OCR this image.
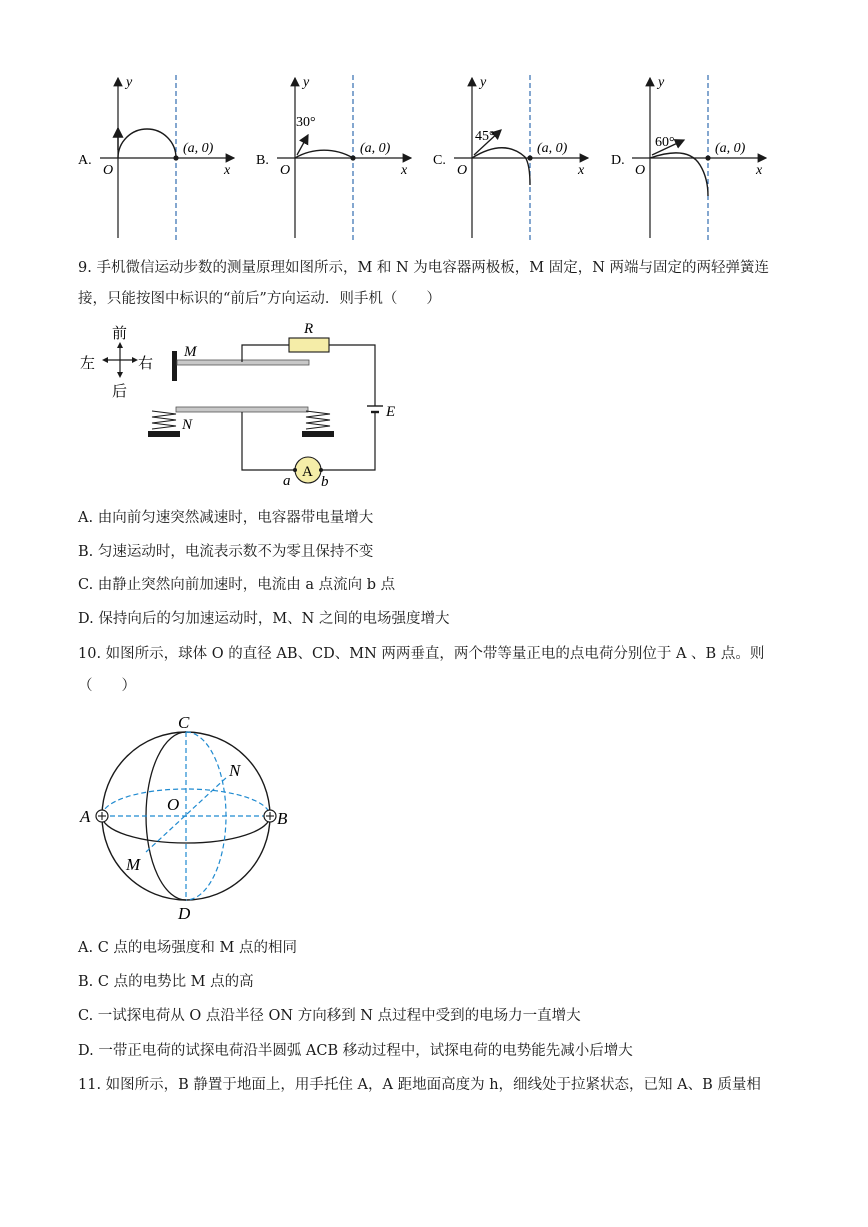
A.
(a, 0)
O	x
y
B.
30°
(a, 0)
O	x
y
C.
45°
(a, 0)
O	x
y
D.
60°	(a, 0)
O	x
y
9. 手机微信运动步数的测量原理如图所示，M 和 N 为电容器两极板，M 固定，N 两端与固定的两轻弹簧连
接，只能按图中标识的“前后”方向运动．则手机（　　）
前
后
左	右
M
N
R
E
A
a b
A. 由向前匀速突然减速时，电容器带电量增大
B. 匀速运动时，电流表示数不为零且保持不变
C. 由静止突然向前加速时，电流由 a 点流向 b 点
D. 保持向后的匀加速运动时，M、N 之间的电场强度增大
10. 如图所示，球体 O 的直径 AB、CD、MN 两两垂直，两个带等量正电的点电荷分别位于 A 、B 点。则
（　　）
A	B
C
D
N
M
O
A. C 点的电场强度和 M 点的相同
B. C 点的电势比 M 点的高
C. 一试探电荷从 O 点沿半径 ON 方向移到 N 点过程中受到的电场力一直增大
D. 一带正电荷的试探电荷沿半圆弧 ACB 移动过程中，试探电荷的电势能先减小后增大
11. 如图所示，B 静置于地面上，用手托住 A，A 距地面高度为 h，细线处于拉紧状态，已知 A、B 质量相
